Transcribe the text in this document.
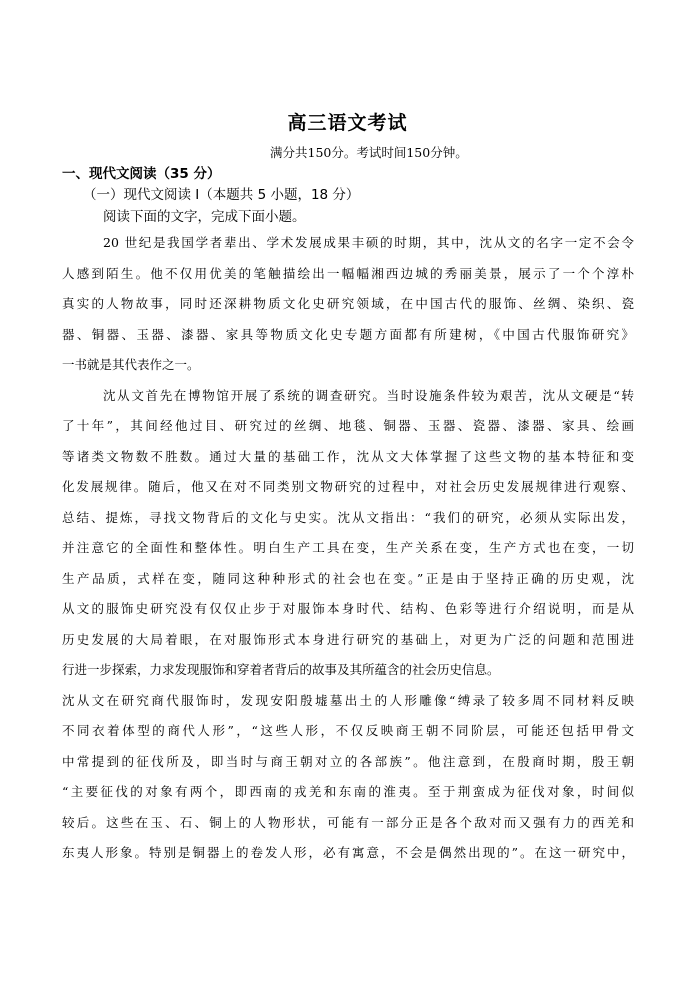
高三语文考试
满分共150分。考试时间150分钟。
一、现代文阅读（35 分）
（一）现代文阅读 I（本题共 5 小题，18 分）
阅读下面的文字，完成下面小题。
20 世纪是我国学者辈出、学术发展成果丰硕的时期，其中，沈从文的名字一定不会令
人感到陌生。他不仅用优美的笔触描绘出一幅幅湘西边城的秀丽美景，展示了一个个淳朴
真实的人物故事，同时还深耕物质文化史研究领域，在中国古代的服饰、丝绸、染织、瓷
器、铜器、玉器、漆器、家具等物质文化史专题方面都有所建树，《中国古代服饰研究》
一书就是其代表作之一。
沈从文首先在博物馆开展了系统的调查研究。当时设施条件较为艰苦，沈从文硬是“转
了十年”，其间经他过目、研究过的丝绸、地毯、铜器、玉器、瓷器、漆器、家具、绘画
等诸类文物数不胜数。通过大量的基础工作，沈从文大体掌握了这些文物的基本特征和变
化发展规律。随后，他又在对不同类别文物研究的过程中，对社会历史发展规律进行观察、
总结、提炼，寻找文物背后的文化与史实。沈从文指出：“我们的研究，必须从实际出发，
并注意它的全面性和整体性。明白生产工具在变，生产关系在变，生产方式也在变，一切
生产品质，式样在变，随同这种种形式的社会也在变。”正是由于坚持正确的历史观，沈
从文的服饰史研究没有仅仅止步于对服饰本身时代、结构、色彩等进行介绍说明，而是从
历史发展的大局着眼，在对服饰形式本身进行研究的基础上，对更为广泛的问题和范围进
行进一步探索，力求发现服饰和穿着者背后的故事及其所蕴含的社会历史信息。
沈从文在研究商代服饰时，发现安阳殷墟墓出土的人形雕像“缚录了较多周不同材料反映
不同衣着体型的商代人形”，“这些人形，不仅反映商王朝不同阶层，可能还包括甲骨文
中常提到的征伐所及，即当时与商王朝对立的各部族”。他注意到，在殷商时期，殷王朝
“主要征伐的对象有两个，即西南的戎羌和东南的淮夷。至于荆蛮成为征伐对象，时间似
较后。这些在玉、石、铜上的人物形状，可能有一部分正是各个敌对而又强有力的西羌和
东夷人形象。特别是铜器上的卷发人形，必有寓意，不会是偶然出现的”。在这一研究中，
